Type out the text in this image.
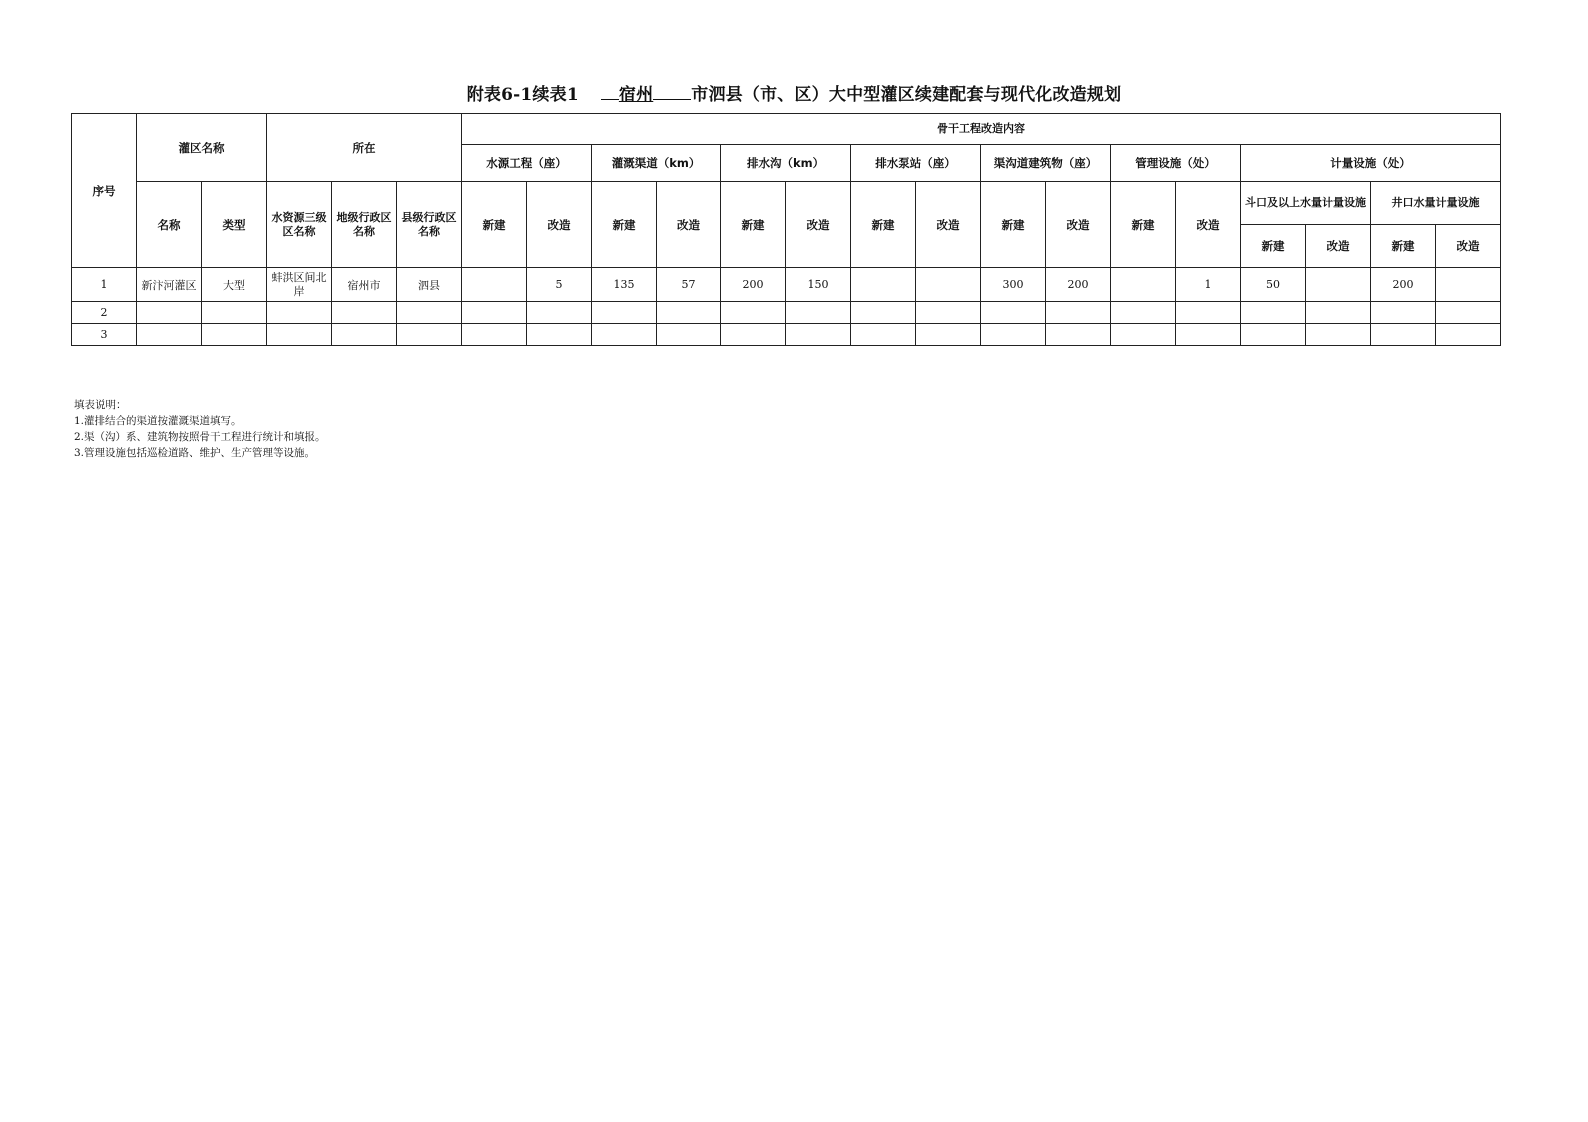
附表6-1续表1 宿州 市泗县（市、区）大中型灌区续建配套与现代化改造规划
序号	灌区名称		所在			骨干工程改造内容															
						水源工程（座）		灌溉渠道（km）		排水沟（km）		排水泵站（座）		渠沟道建筑物（座）		管理设施（处）		计量设施（处）			
	名称	类型	水资源三级区名称	地级行政区名称	县级行政区名称	新建	改造	新建	改造	新建	改造	新建	改造	新建	改造	新建	改造	斗口及以上水量计量设施		井口水量计量设施	
																		新建	改造	新建	改造
1	新汴河灌区	大型	蚌洪区间北岸	宿州市	泗县		5	135	57	200	150			300	200		1	50		200	
2																					
3																					
填表说明：
1.灌排结合的渠道按灌溉渠道填写。
2.渠（沟）系、建筑物按照骨干工程进行统计和填报。
3.管理设施包括巡检道路、维护、生产管理等设施。
